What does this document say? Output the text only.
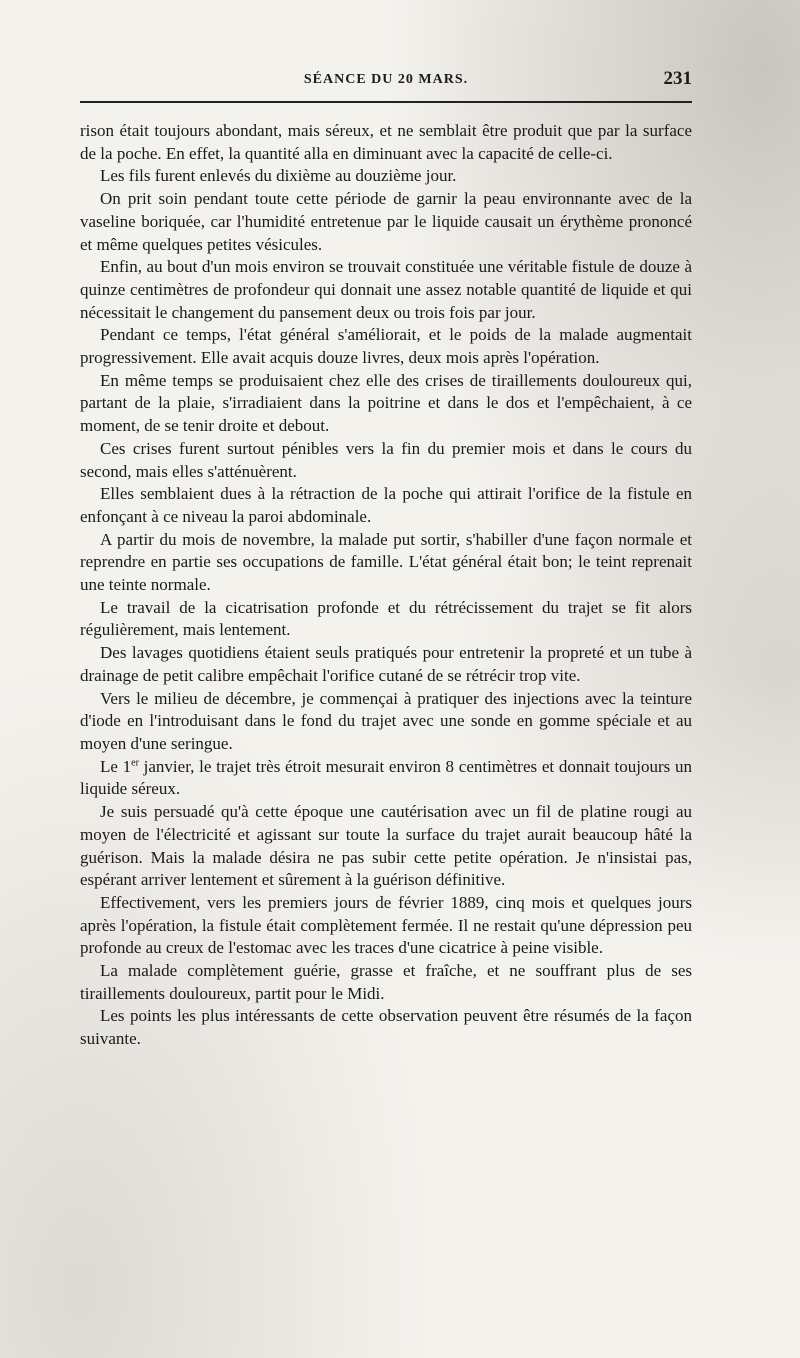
SÉANCE DU 20 MARS.	231

rison était toujours abondant, mais séreux, et ne semblait être produit que par la surface de la poche. En effet, la quantité alla en diminuant avec la capacité de celle-ci.

Les fils furent enlevés du dixième au douzième jour.

On prit soin pendant toute cette période de garnir la peau environnante avec de la vaseline boriquée, car l'humidité entretenue par le liquide causait un érythème prononcé et même quelques petites vésicules.

Enfin, au bout d'un mois environ se trouvait constituée une véritable fistule de douze à quinze centimètres de profondeur qui donnait une assez notable quantité de liquide et qui nécessitait le changement du pansement deux ou trois fois par jour.

Pendant ce temps, l'état général s'améliorait, et le poids de la malade augmentait progressivement. Elle avait acquis douze livres, deux mois après l'opération.

En même temps se produisaient chez elle des crises de tiraillements douloureux qui, partant de la plaie, s'irradiaient dans la poitrine et dans le dos et l'empêchaient, à ce moment, de se tenir droite et debout.

Ces crises furent surtout pénibles vers la fin du premier mois et dans le cours du second, mais elles s'atténuèrent.

Elles semblaient dues à la rétraction de la poche qui attirait l'orifice de la fistule en enfonçant à ce niveau la paroi abdominale.

A partir du mois de novembre, la malade put sortir, s'habiller d'une façon normale et reprendre en partie ses occupations de famille. L'état général était bon; le teint reprenait une teinte normale.

Le travail de la cicatrisation profonde et du rétrécissement du trajet se fit alors régulièrement, mais lentement.

Des lavages quotidiens étaient seuls pratiqués pour entretenir la propreté et un tube à drainage de petit calibre empêchait l'orifice cutané de se rétrécir trop vite.

Vers le milieu de décembre, je commençai à pratiquer des injections avec la teinture d'iode en l'introduisant dans le fond du trajet avec une sonde en gomme spéciale et au moyen d'une seringue.

Le 1er janvier, le trajet très étroit mesurait environ 8 centimètres et donnait toujours un liquide séreux.

Je suis persuadé qu'à cette époque une cautérisation avec un fil de platine rougi au moyen de l'électricité et agissant sur toute la surface du trajet aurait beaucoup hâté la guérison. Mais la malade désira ne pas subir cette petite opération. Je n'insistai pas, espérant arriver lentement et sûrement à la guérison définitive.

Effectivement, vers les premiers jours de février 1889, cinq mois et quelques jours après l'opération, la fistule était complètement fermée. Il ne restait qu'une dépression peu profonde au creux de l'estomac avec les traces d'une cicatrice à peine visible.

La malade complètement guérie, grasse et fraîche, et ne souffrant plus de ses tiraillements douloureux, partit pour le Midi.

Les points les plus intéressants de cette observation peuvent être résumés de la façon suivante.
